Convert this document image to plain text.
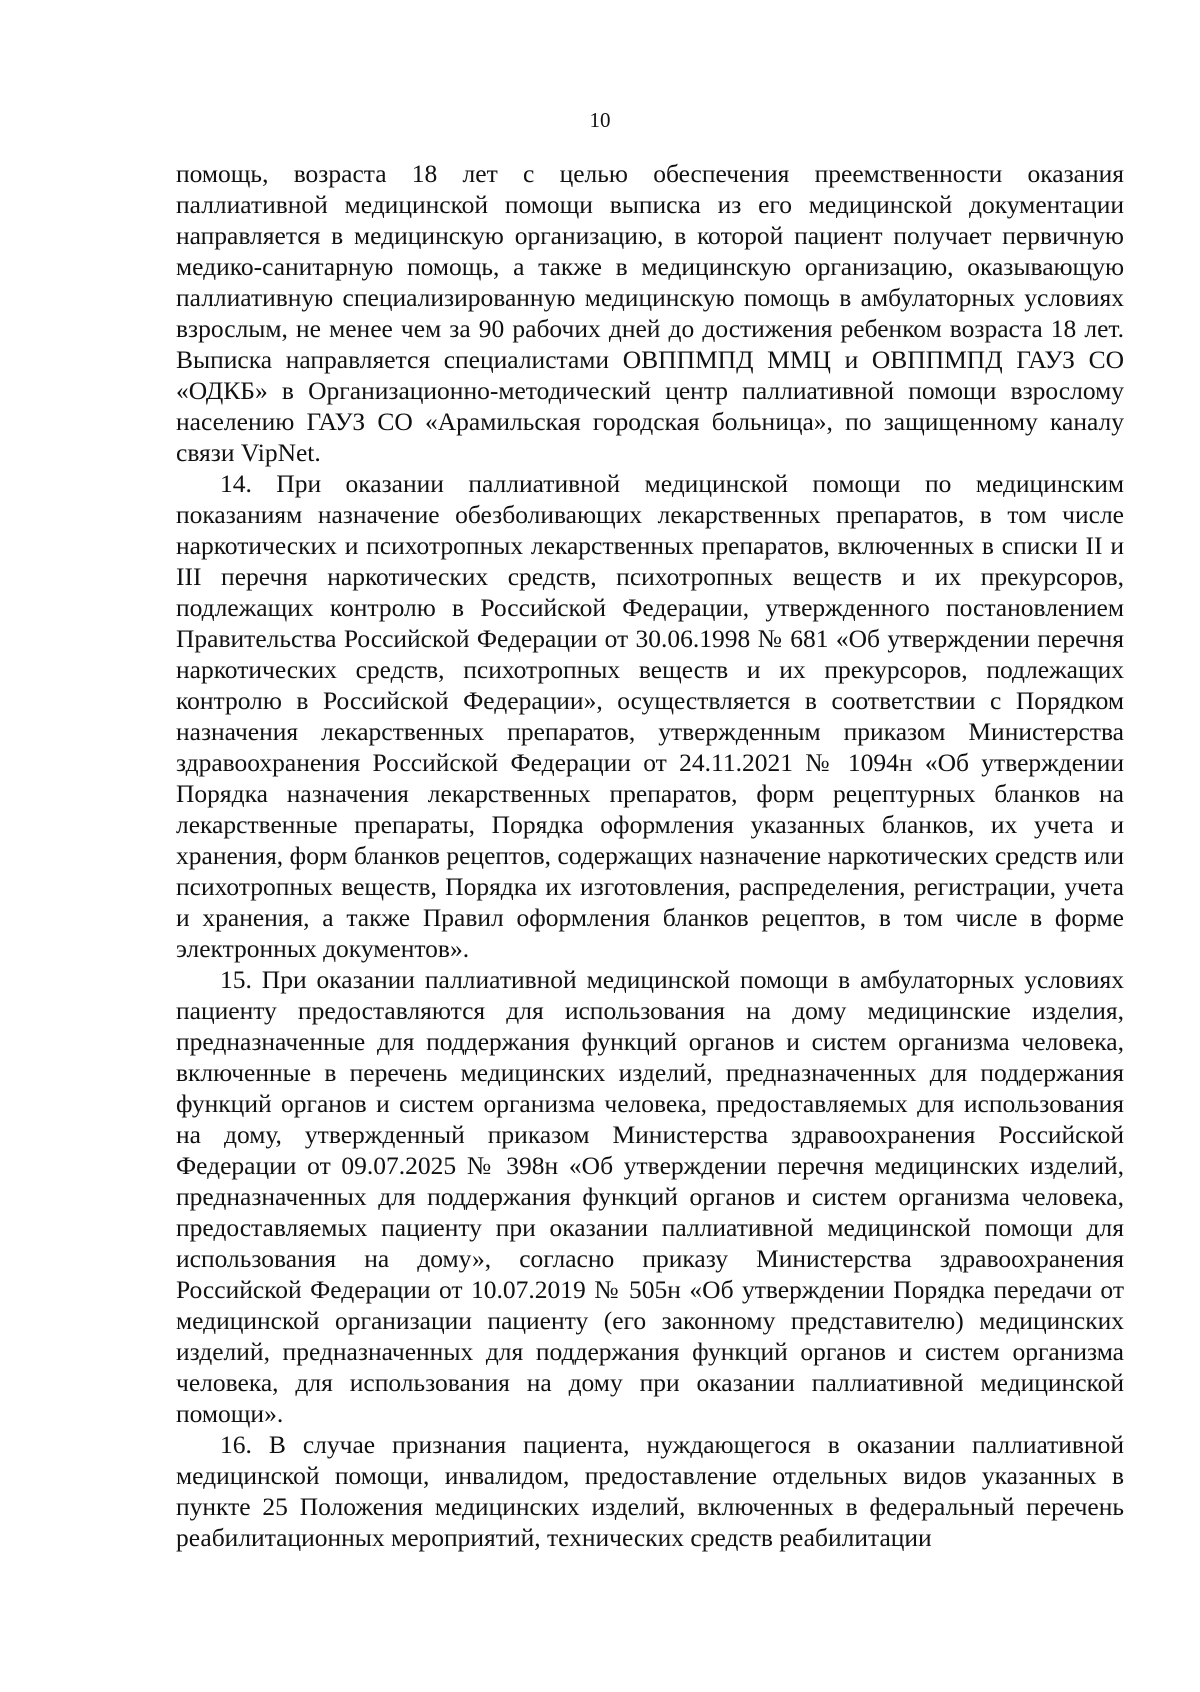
10

помощь, возраста 18 лет с целью обеспечения преемственности оказания паллиативной медицинской помощи выписка из его медицинской документации направляется в медицинскую организацию, в которой пациент получает первичную медико-санитарную помощь, а также в медицинскую организацию, оказывающую паллиативную специализированную медицинскую помощь в амбулаторных условиях взрослым, не менее чем за 90 рабочих дней до достижения ребенком возраста 18 лет. Выписка направляется специалистами ОВППМПД ММЦ и ОВППМПД ГАУЗ СО «ОДКБ» в Организационно-методический центр паллиативной помощи взрослому населению ГАУЗ СО «Арамильская городская больница», по защищенному каналу связи VipNet.

14. При оказании паллиативной медицинской помощи по медицинским показаниям назначение обезболивающих лекарственных препаратов, в том числе наркотических и психотропных лекарственных препаратов, включенных в списки II и III перечня наркотических средств, психотропных веществ и их прекурсоров, подлежащих контролю в Российской Федерации, утвержденного постановлением Правительства Российской Федерации от 30.06.1998 № 681 «Об утверждении перечня наркотических средств, психотропных веществ и их прекурсоров, подлежащих контролю в Российской Федерации», осуществляется в соответствии с Порядком назначения лекарственных препаратов, утвержденным приказом Министерства здравоохранения Российской Федерации от 24.11.2021 № 1094н «Об утверждении Порядка назначения лекарственных препаратов, форм рецептурных бланков на лекарственные препараты, Порядка оформления указанных бланков, их учета и хранения, форм бланков рецептов, содержащих назначение наркотических средств или психотропных веществ, Порядка их изготовления, распределения, регистрации, учета и хранения, а также Правил оформления бланков рецептов, в том числе в форме электронных документов».

15. При оказании паллиативной медицинской помощи в амбулаторных условиях пациенту предоставляются для использования на дому медицинские изделия, предназначенные для поддержания функций органов и систем организма человека, включенные в перечень медицинских изделий, предназначенных для поддержания функций органов и систем организма человека, предоставляемых для использования на дому, утвержденный приказом Министерства здравоохранения Российской Федерации от 09.07.2025 № 398н «Об утверждении перечня медицинских изделий, предназначенных для поддержания функций органов и систем организма человека, предоставляемых пациенту при оказании паллиативной медицинской помощи для использования на дому», согласно приказу Министерства здравоохранения Российской Федерации от 10.07.2019 № 505н «Об утверждении Порядка передачи от медицинской организации пациенту (его законному представителю) медицинских изделий, предназначенных для поддержания функций органов и систем организма человека, для использования на дому при оказании паллиативной медицинской помощи».

16. В случае признания пациента, нуждающегося в оказании паллиативной медицинской помощи, инвалидом, предоставление отдельных видов указанных в пункте 25 Положения медицинских изделий, включенных в федеральный перечень реабилитационных мероприятий, технических средств реабилитации
